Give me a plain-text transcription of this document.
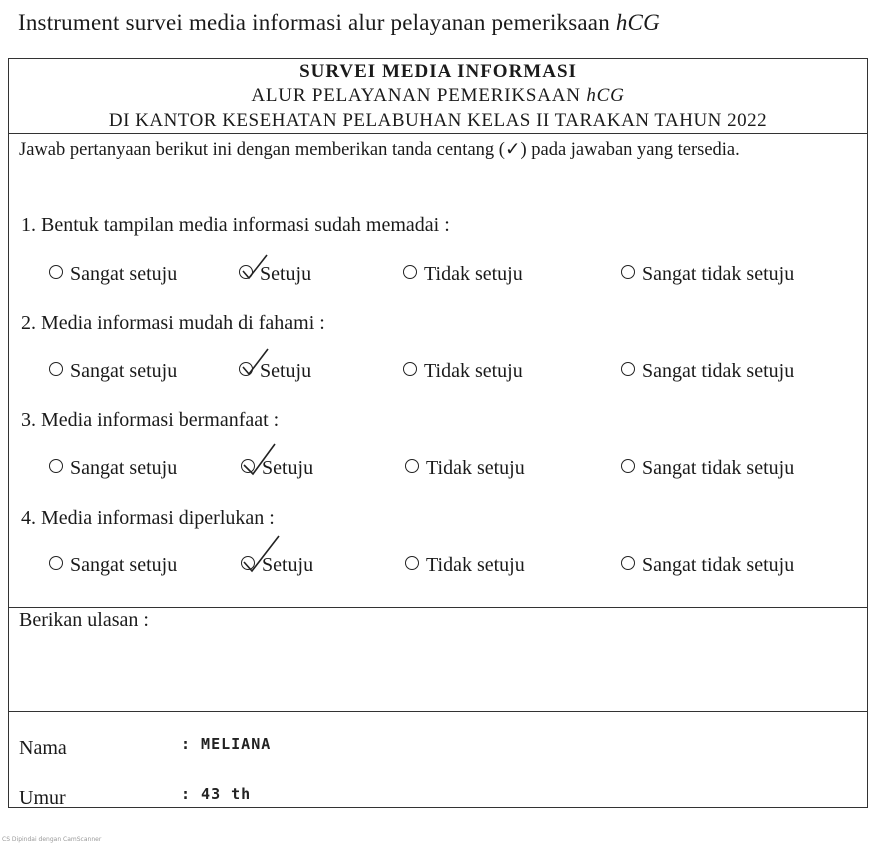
Instrument survei media informasi alur pelayanan pemeriksaan hCG
SURVEI MEDIA INFORMASI
ALUR PELAYANAN PEMERIKSAAN hCG
DI KANTOR KESEHATAN PELABUHAN KELAS II TARAKAN TAHUN 2022
Jawab pertanyaan berikut ini dengan memberikan tanda centang (✓) pada jawaban yang tersedia.
1. Bentuk tampilan media informasi sudah memadai :
Sangat setuju	Setuju	Tidak setuju	Sangat tidak setuju
2. Media informasi mudah di fahami :
Sangat setuju	Setuju	Tidak setuju	Sangat tidak setuju
3. Media informasi bermanfaat :
Sangat setuju	Setuju	Tidak setuju	Sangat tidak setuju
4. Media informasi diperlukan :
Sangat setuju	Setuju	Tidak setuju	Sangat tidak setuju
Berikan ulasan :
Nama	: MELIANA
Umur	: 43 th
CS Dipindai dengan CamScanner
